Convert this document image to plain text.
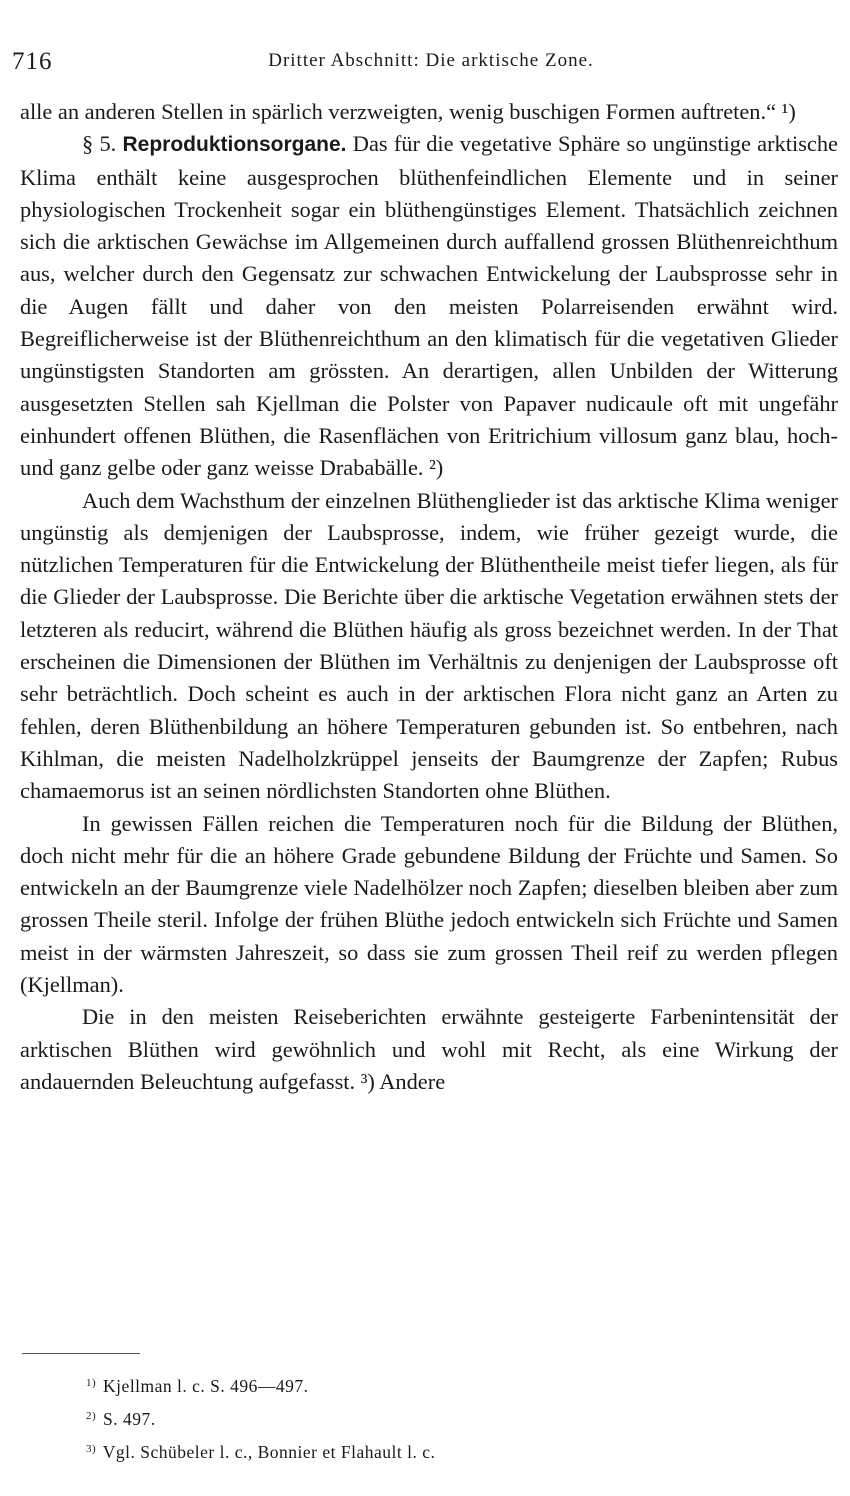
716	Dritter Abschnitt: Die arktische Zone.

alle an anderen Stellen in spärlich verzweigten, wenig buschigen Formen auftreten.“ ¹)

§ 5. Reproduktionsorgane. Das für die vegetative Sphäre so ungünstige arktische Klima enthält keine ausgesprochen blüthenfeindlichen Elemente und in seiner physiologischen Trockenheit sogar ein blüthengünstiges Element. Thatsächlich zeichnen sich die arktischen Gewächse im Allgemeinen durch auffallend grossen Blüthenreichthum aus, welcher durch den Gegensatz zur schwachen Entwickelung der Laubsprosse sehr in die Augen fällt und daher von den meisten Polarreisenden erwähnt wird. Begreiflicherweise ist der Blüthenreichthum an den klimatisch für die vegetativen Glieder ungünstigsten Standorten am grössten. An derartigen, allen Unbilden der Witterung ausgesetzten Stellen sah Kjellman die Polster von Papaver nudicaule oft mit ungefähr einhundert offenen Blüthen, die Rasenflächen von Eritrichium villosum ganz blau, hoch- und ganz gelbe oder ganz weisse Drababälle. ²)

Auch dem Wachsthum der einzelnen Blüthenglieder ist das arktische Klima weniger ungünstig als demjenigen der Laubsprosse, indem, wie früher gezeigt wurde, die nützlichen Temperaturen für die Entwickelung der Blüthentheile meist tiefer liegen, als für die Glieder der Laubsprosse. Die Berichte über die arktische Vegetation erwähnen stets der letzteren als reducirt, während die Blüthen häufig als gross bezeichnet werden. In der That erscheinen die Dimensionen der Blüthen im Verhältnis zu denjenigen der Laubsprosse oft sehr beträchtlich. Doch scheint es auch in der arktischen Flora nicht ganz an Arten zu fehlen, deren Blüthenbildung an höhere Temperaturen gebunden ist. So entbehren, nach Kihlman, die meisten Nadelholzkrüppel jenseits der Baumgrenze der Zapfen; Rubus chamaemorus ist an seinen nördlichsten Standorten ohne Blüthen.

In gewissen Fällen reichen die Temperaturen noch für die Bildung der Blüthen, doch nicht mehr für die an höhere Grade gebundene Bildung der Früchte und Samen. So entwickeln an der Baumgrenze viele Nadelhölzer noch Zapfen; dieselben bleiben aber zum grossen Theile steril. Infolge der frühen Blüthe jedoch entwickeln sich Früchte und Samen meist in der wärmsten Jahreszeit, so dass sie zum grossen Theil reif zu werden pflegen (Kjellman).

Die in den meisten Reiseberichten erwähnte gesteigerte Farbenintensität der arktischen Blüthen wird gewöhnlich und wohl mit Recht, als eine Wirkung der andauernden Beleuchtung aufgefasst. ³) Andere

$^{1)}$ Kjellman l. c. S. 496—497.
$^{2)}$ S. 497.
$^{3)}$ Vgl. Schübeler l. c., Bonnier et Flahault l. c.
